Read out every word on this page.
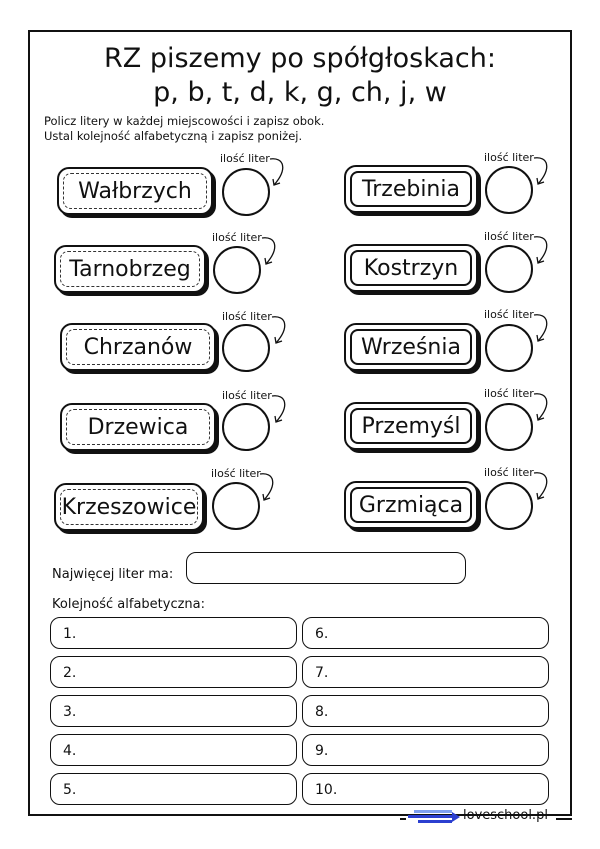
RZ piszemy po spółgłoskach:
p, b, t, d, k, g, ch, j, w
Policz litery w każdej miejscowości i zapisz obok.
Ustal kolejność alfabetyczną i zapisz poniżej.
Wałbrzych
ilość liter
Tarnobrzeg
ilość liter
Chrzanów
ilość liter
Drzewica
ilość liter
Krzeszowice
ilość liter
Trzebinia
ilość liter
Kostrzyn
ilość liter
Września
ilość liter
Przemyśl
ilość liter
Grzmiąca
ilość liter
Najwięcej liter ma:
Kolejność alfabetyczna:
1.
2.
3.
4.
5.
6.
7.
8.
9.
10.
loveschool.pl
